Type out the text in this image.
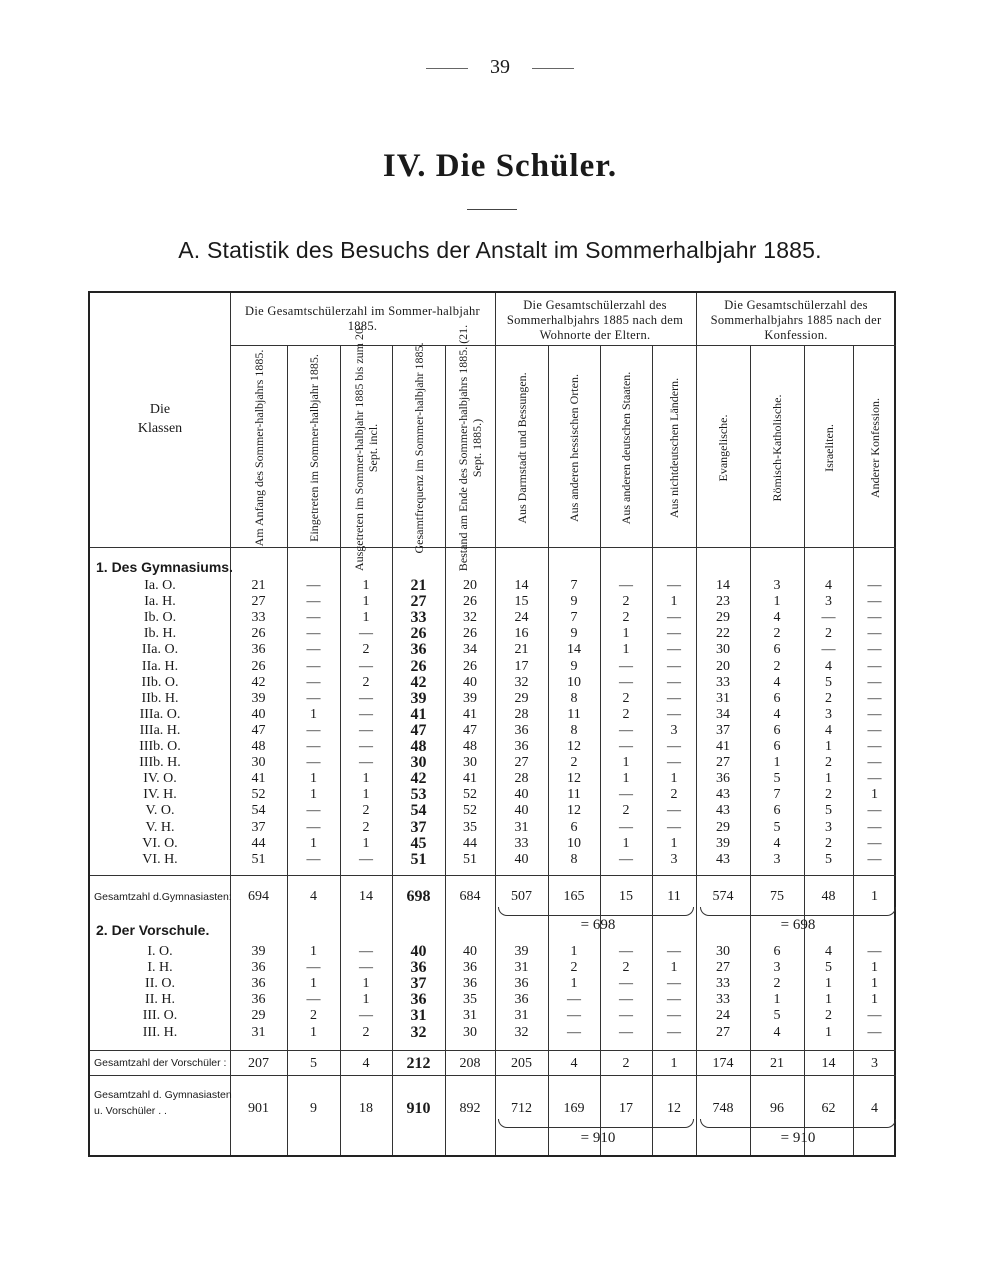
39
IV. Die Schüler.
A. Statistik des Besuchs der Anstalt im Sommerhalbjahr 1885.
Die
Klassen
Die Gesamtschülerzahl im Sommer-halbjahr 1885.
Die Gesamtschülerzahl des Sommerhalbjahrs 1885 nach dem Wohnorte der Eltern.
Die Gesamtschülerzahl des Sommerhalbjahrs 1885 nach der Konfession.
Am Anfang des Sommer-halbjahrs 1885.	Eingetreten im Sommer-halbjahr 1885.	Ausgetreten im Sommer-halbjahr 1885 bis zum 20. Sept. incl.	Gesamtfrequenz im Sommer-halbjahr 1885.	Bestand am Ende des Sommer-halbjahrs 1885. (21. Sept. 1885.)	Aus Darmstadt und Bessungen.	Aus anderen hessischen Orten.	Aus anderen deutschen Staaten.	Aus nichtdeutschen Ländern.	Evangelische.	Römisch-Katholische.	Israeliten.	Anderer Konfession.
1. Des Gymnasiums.
Ia. O.	21	—	1	21	20	14	7	—	—	14	3	4	—
Ia. H.	27	—	1	27	26	15	9	2	1	23	1	3	—
Ib. O.	33	—	1	33	32	24	7	2	—	29	4	—	—
Ib. H.	26	—	—	26	26	16	9	1	—	22	2	2	—
IIa. O.	36	—	2	36	34	21	14	1	—	30	6	—	—
IIa. H.	26	—	—	26	26	17	9	—	—	20	2	4	—
IIb. O.	42	—	2	42	40	32	10	—	—	33	4	5	—
IIb. H.	39	—	—	39	39	29	8	2	—	31	6	2	—
IIIa. O.	40	1	—	41	41	28	11	2	—	34	4	3	—
IIIa. H.	47	—	—	47	47	36	8	—	3	37	6	4	—
IIIb. O.	48	—	—	48	48	36	12	—	—	41	6	1	—
IIIb. H.	30	—	—	30	30	27	2	1	—	27	1	2	—
IV. O.	41	1	1	42	41	28	12	1	1	36	5	1	—
IV. H.	52	1	1	53	52	40	11	—	2	43	7	2	1
V. O.	54	—	2	54	52	40	12	2	—	43	6	5	—
V. H.	37	—	2	37	35	31	6	—	—	29	5	3	—
VI. O.	44	1	1	45	44	33	10	1	1	39	4	2	—
VI. H.	51	—	—	51	51	40	8	—	3	43	3	5	—
Gesamtzahl d.Gymnasiasten:	694	4	14	698	684	507	165	15	11	574	75	48	1
= 698	= 698
2. Der Vorschule.
I. O.	39	1	—	40	40	39	1	—	—	30	6	4	—
I. H.	36	—	—	36	36	31	2	2	1	27	3	5	1
II. O.	36	1	1	37	36	36	1	—	—	33	2	1	1
II. H.	36	—	1	36	35	36	—	—	—	33	1	1	1
III. O.	29	2	—	31	31	31	—	—	—	24	5	2	—
III. H.	31	1	2	32	30	32	—	—	—	27	4	1	—
Gesamtzahl der Vorschüler :	207	5	4	212	208	205	4	2	1	174	21	14	3
Gesamtzahl d. Gymnasiasten
u. Vorschüler . .	901	9	18	910	892	712	169	17	12	748	96	62	4
= 910	= 910
